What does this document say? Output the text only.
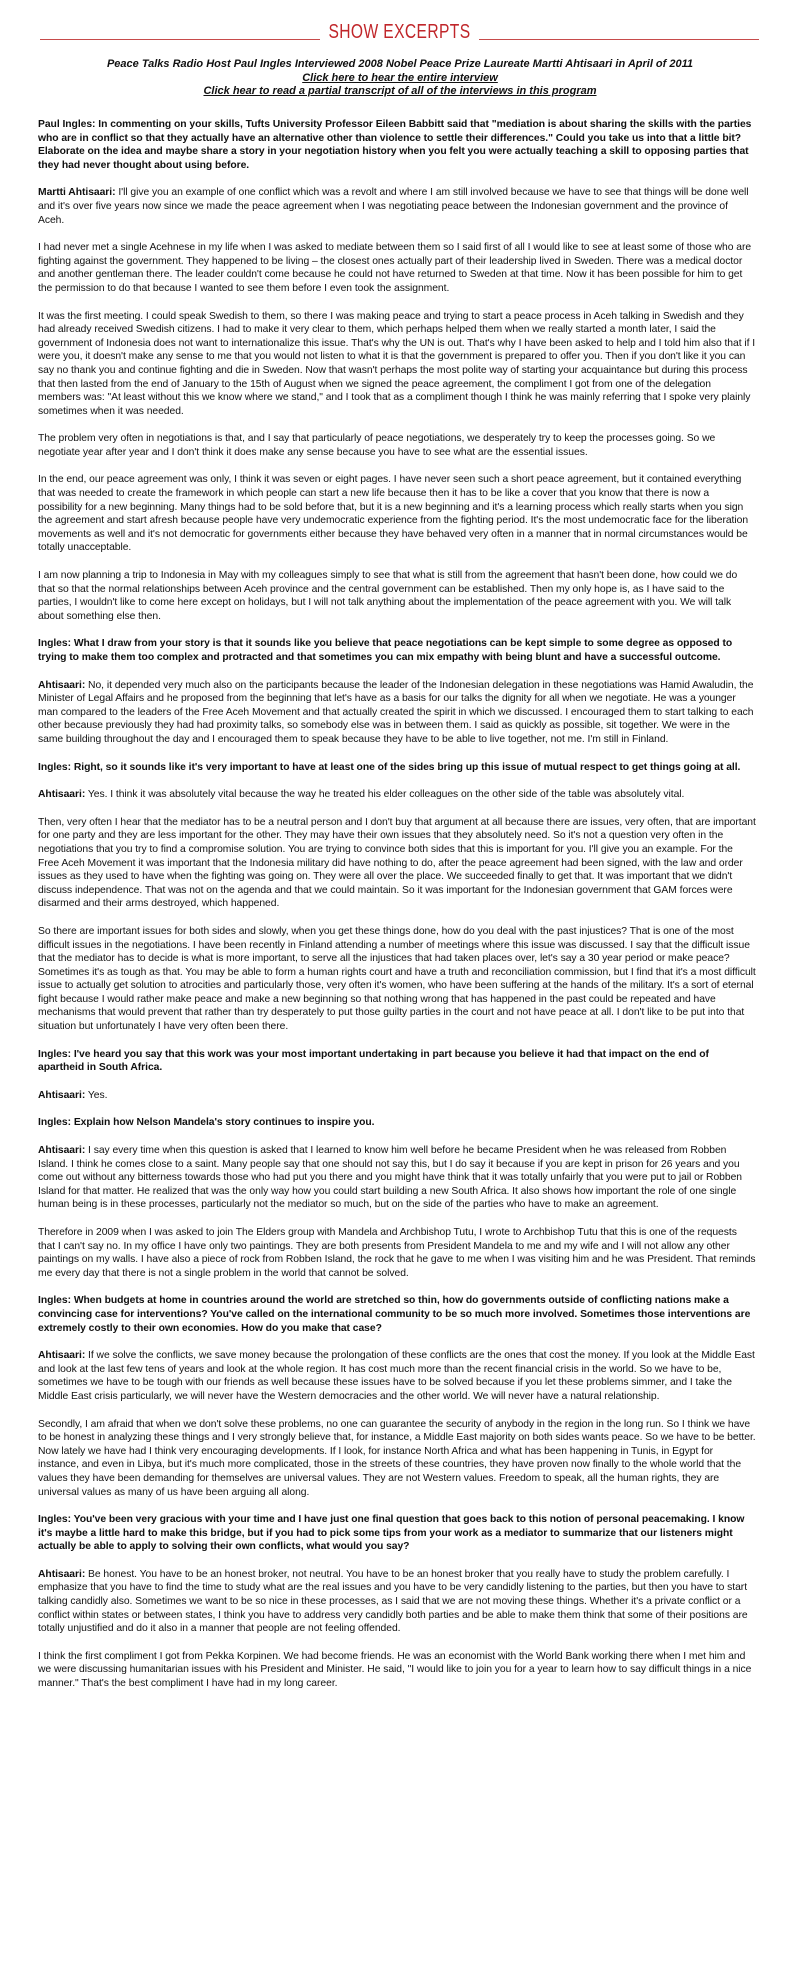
SHOW EXCERPTS
Peace Talks Radio Host Paul Ingles Interviewed 2008 Nobel Peace Prize Laureate Martti Ahtisaari in April of 2011
Click here to hear the entire interview
Click hear to read a partial transcript of all of the interviews in this program

Paul Ingles: In commenting on your skills, Tufts University Professor Eileen Babbitt said that "mediation is about sharing the skills with the parties who are in conflict so that they actually have an alternative other than violence to settle their differences." Could you take us into that a little bit? Elaborate on the idea and maybe share a story in your negotiation history when you felt you were actually teaching a skill to opposing parties that they had never thought about using before.

Martti Ahtisaari: I'll give you an example of one conflict which was a revolt and where I am still involved because we have to see that things will be done well and it's over five years now since we made the peace agreement when I was negotiating peace between the Indonesian government and the province of Aceh.

I had never met a single Acehnese in my life when I was asked to mediate between them so I said first of all I would like to see at least some of those who are fighting against the government. They happened to be living – the closest ones actually part of their leadership lived in Sweden. There was a medical doctor and another gentleman there. The leader couldn't come because he could not have returned to Sweden at that time. Now it has been possible for him to get the permission to do that because I wanted to see them before I even took the assignment.

It was the first meeting. I could speak Swedish to them, so there I was making peace and trying to start a peace process in Aceh talking in Swedish and they had already received Swedish citizens. I had to make it very clear to them, which perhaps helped them when we really started a month later, I said the government of Indonesia does not want to internationalize this issue. That's why the UN is out. That's why I have been asked to help and I told him also that if I were you, it doesn't make any sense to me that you would not listen to what it is that the government is prepared to offer you. Then if you don't like it you can say no thank you and continue fighting and die in Sweden. Now that wasn't perhaps the most polite way of starting your acquaintance but during this process that then lasted from the end of January to the 15th of August when we signed the peace agreement, the compliment I got from one of the delegation members was: "At least without this we know where we stand," and I took that as a compliment though I think he was mainly referring that I spoke very plainly sometimes when it was needed.

The problem very often in negotiations is that, and I say that particularly of peace negotiations, we desperately try to keep the processes going. So we negotiate year after year and I don't think it does make any sense because you have to see what are the essential issues.

In the end, our peace agreement was only, I think it was seven or eight pages. I have never seen such a short peace agreement, but it contained everything that was needed to create the framework in which people can start a new life because then it has to be like a cover that you know that there is now a possibility for a new beginning. Many things had to be sold before that, but it is a new beginning and it's a learning process which really starts when you sign the agreement and start afresh because people have very undemocratic experience from the fighting period. It's the most undemocratic face for the liberation movements as well and it's not democratic for governments either because they have behaved very often in a manner that in normal circumstances would be totally unacceptable.

I am now planning a trip to Indonesia in May with my colleagues simply to see that what is still from the agreement that hasn't been done, how could we do that so that the normal relationships between Aceh province and the central government can be established. Then my only hope is, as I have said to the parties, I wouldn't like to come here except on holidays, but I will not talk anything about the implementation of the peace agreement with you. We will talk about something else then.

Ingles: What I draw from your story is that it sounds like you believe that peace negotiations can be kept simple to some degree as opposed to trying to make them too complex and protracted and that sometimes you can mix empathy with being blunt and have a successful outcome.

Ahtisaari: No, it depended very much also on the participants because the leader of the Indonesian delegation in these negotiations was Hamid Awaludin, the Minister of Legal Affairs and he proposed from the beginning that let's have as a basis for our talks the dignity for all when we negotiate. He was a younger man compared to the leaders of the Free Aceh Movement and that actually created the spirit in which we discussed. I encouraged them to start talking to each other because previously they had had proximity talks, so somebody else was in between them. I said as quickly as possible, sit together. We were in the same building throughout the day and I encouraged them to speak because they have to be able to live together, not me. I'm still in Finland.

Ingles: Right, so it sounds like it's very important to have at least one of the sides bring up this issue of mutual respect to get things going at all.

Ahtisaari: Yes. I think it was absolutely vital because the way he treated his elder colleagues on the other side of the table was absolutely vital.

Then, very often I hear that the mediator has to be a neutral person and I don't buy that argument at all because there are issues, very often, that are important for one party and they are less important for the other. They may have their own issues that they absolutely need. So it's not a question very often in the negotiations that you try to find a compromise solution. You are trying to convince both sides that this is important for you. I'll give you an example. For the Free Aceh Movement it was important that the Indonesia military did have nothing to do, after the peace agreement had been signed, with the law and order issues as they used to have when the fighting was going on. They were all over the place. We succeeded finally to get that. It was important that we didn't discuss independence. That was not on the agenda and that we could maintain. So it was important for the Indonesian government that GAM forces were disarmed and their arms destroyed, which happened.

So there are important issues for both sides and slowly, when you get these things done, how do you deal with the past injustices? That is one of the most difficult issues in the negotiations. I have been recently in Finland attending a number of meetings where this issue was discussed. I say that the difficult issue that the mediator has to decide is what is more important, to serve all the injustices that had taken places over, let's say a 30 year period or make peace? Sometimes it's as tough as that. You may be able to form a human rights court and have a truth and reconciliation commission, but I find that it's a most difficult issue to actually get solution to atrocities and particularly those, very often it's women, who have been suffering at the hands of the military. It's a sort of eternal fight because I would rather make peace and make a new beginning so that nothing wrong that has happened in the past could be repeated and have mechanisms that would prevent that rather than try desperately to put those guilty parties in the court and not have peace at all. I don't like to be put into that situation but unfortunately I have very often been there.

Ingles: I've heard you say that this work was your most important undertaking in part because you believe it had that impact on the end of apartheid in South Africa.

Ahtisaari: Yes.

Ingles: Explain how Nelson Mandela's story continues to inspire you.

Ahtisaari: I say every time when this question is asked that I learned to know him well before he became President when he was released from Robben Island. I think he comes close to a saint. Many people say that one should not say this, but I do say it because if you are kept in prison for 26 years and you come out without any bitterness towards those who had put you there and you might have think that it was totally unfairly that you were put to jail or Robben Island for that matter. He realized that was the only way how you could start building a new South Africa. It also shows how important the role of one single human being is in these processes, particularly not the mediator so much, but on the side of the parties who have to make an agreement.

Therefore in 2009 when I was asked to join The Elders group with Mandela and Archbishop Tutu, I wrote to Archbishop Tutu that this is one of the requests that I can't say no. In my office I have only two paintings. They are both presents from President Mandela to me and my wife and I will not allow any other paintings on my walls. I have also a piece of rock from Robben Island, the rock that he gave to me when I was visiting him and he was President. That reminds me every day that there is not a single problem in the world that cannot be solved.

Ingles: When budgets at home in countries around the world are stretched so thin, how do governments outside of conflicting nations make a convincing case for interventions? You've called on the international community to be so much more involved. Sometimes those interventions are extremely costly to their own economies. How do you make that case?

Ahtisaari: If we solve the conflicts, we save money because the prolongation of these conflicts are the ones that cost the money. If you look at the Middle East and look at the last few tens of years and look at the whole region. It has cost much more than the recent financial crisis in the world. So we have to be, sometimes we have to be tough with our friends as well because these issues have to be solved because if you let these problems simmer, and I take the Middle East crisis particularly, we will never have the Western democracies and the other world. We will never have a natural relationship.

Secondly, I am afraid that when we don't solve these problems, no one can guarantee the security of anybody in the region in the long run. So I think we have to be honest in analyzing these things and I very strongly believe that, for instance, a Middle East majority on both sides wants peace. So we have to be better. Now lately we have had I think very encouraging developments. If I look, for instance North Africa and what has been happening in Tunis, in Egypt for instance, and even in Libya, but it's much more complicated, those in the streets of these countries, they have proven now finally to the whole world that the values they have been demanding for themselves are universal values. They are not Western values. Freedom to speak, all the human rights, they are universal values as many of us have been arguing all along.

Ingles: You've been very gracious with your time and I have just one final question that goes back to this notion of personal peacemaking. I know it's maybe a little hard to make this bridge, but if you had to pick some tips from your work as a mediator to summarize that our listeners might actually be able to apply to solving their own conflicts, what would you say?

Ahtisaari: Be honest. You have to be an honest broker, not neutral. You have to be an honest broker that you really have to study the problem carefully. I emphasize that you have to find the time to study what are the real issues and you have to be very candidly listening to the parties, but then you have to start talking candidly also. Sometimes we want to be so nice in these processes, as I said that we are not moving these things. Whether it's a private conflict or a conflict within states or between states, I think you have to address very candidly both parties and be able to make them think that some of their positions are totally unjustified and do it also in a manner that people are not feeling offended.

I think the first compliment I got from Pekka Korpinen. We had become friends. He was an economist with the World Bank working there when I met him and we were discussing humanitarian issues with his President and Minister. He said, "I would like to join you for a year to learn how to say difficult things in a nice manner." That's the best compliment I have had in my long career.
